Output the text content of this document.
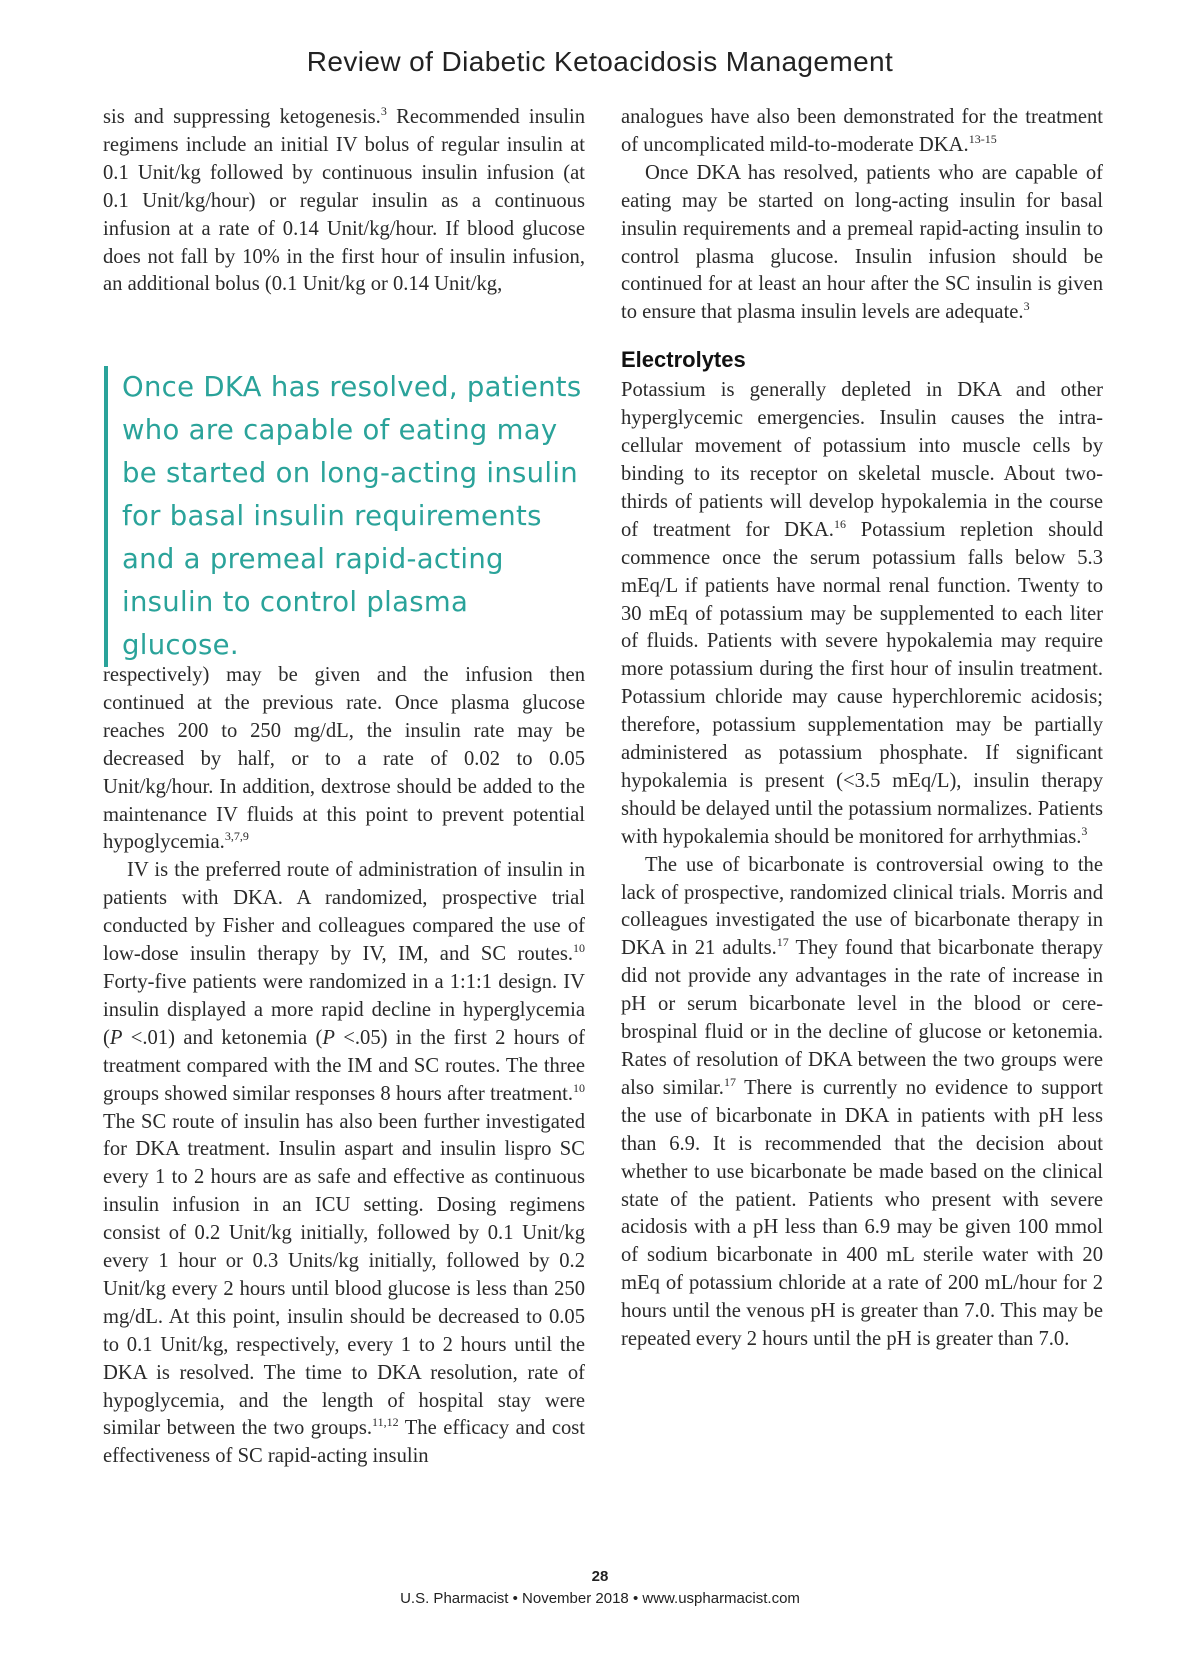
Review of Diabetic Ketoacidosis Management

sis and suppressing ketogenesis.$^3$ Recommended insulin regimens include an initial IV bolus of regular insulin at 0.1 Unit/kg followed by continuous insulin infusion (at 0.1 Unit/kg/hour) or regular insulin as a continuous infusion at a rate of 0.14 Unit/kg/hour. If blood glucose does not fall by 10% in the first hour of insulin infusion, an additional bolus (0.1 Unit/kg or 0.14 Unit/kg,

Once DKA has resolved, patients who are capable of eating may be started on long-acting insulin for basal insulin requirements and a premeal rapid-acting insulin to control plasma glucose.

respectively) may be given and the infusion then continued at the previous rate. Once plasma glucose reaches 200 to 250 mg/dL, the insulin rate may be decreased by half, or to a rate of 0.02 to 0.05 Unit/kg/hour. In addition, dextrose should be added to the maintenance IV fluids at this point to prevent potential hypoglycemia.$^{3,7,9}$

IV is the preferred route of administration of insulin in patients with DKA. A randomized, prospective trial conducted by Fisher and colleagues compared the use of low-dose insulin therapy by IV, IM, and SC routes.$^{10}$ Forty-five patients were randomized in a 1:1:1 design. IV insulin displayed a more rapid decline in hyperglycemia (P <.01) and ketonemia (P <.05) in the first 2 hours of treatment compared with the IM and SC routes. The three groups showed similar responses 8 hours after treatment.$^{10}$ The SC route of insulin has also been further investigated for DKA treatment. Insulin aspart and insulin lispro SC every 1 to 2 hours are as safe and effective as continuous insulin infusion in an ICU setting. Dosing regimens consist of 0.2 Unit/kg initially, followed by 0.1 Unit/kg every 1 hour or 0.3 Units/kg initially, followed by 0.2 Unit/kg every 2 hours until blood glucose is less than 250 mg/dL. At this point, insulin should be decreased to 0.05 to 0.1 Unit/kg, respectively, every 1 to 2 hours until the DKA is resolved. The time to DKA resolution, rate of hypoglycemia, and the length of hospital stay were similar between the two groups.$^{11,12}$ The efficacy and cost effectiveness of SC rapid-acting insulin

analogues have also been demonstrated for the treatment of uncomplicated mild-to-moderate DKA.$^{13-15}$

Once DKA has resolved, patients who are capable of eating may be started on long-acting insulin for basal insulin requirements and a premeal rapid-acting insulin to control plasma glucose. Insulin infusion should be continued for at least an hour after the SC insulin is given to ensure that plasma insulin levels are adequate.$^3$

Electrolytes

Potassium is generally depleted in DKA and other hyperglycemic emergencies. Insulin causes the intracellular movement of potassium into muscle cells by binding to its receptor on skeletal muscle. About two-thirds of patients will develop hypokalemia in the course of treatment for DKA.$^{16}$ Potassium repletion should commence once the serum potassium falls below 5.3 mEq/L if patients have normal renal function. Twenty to 30 mEq of potassium may be supplemented to each liter of fluids. Patients with severe hypokalemia may require more potassium during the first hour of insulin treatment. Potassium chloride may cause hyperchloremic acidosis; therefore, potassium supplementation may be partially administered as potassium phosphate. If significant hypokalemia is present (<3.5 mEq/L), insulin therapy should be delayed until the potassium normalizes. Patients with hypokalemia should be monitored for arrhythmias.$^3$

The use of bicarbonate is controversial owing to the lack of prospective, randomized clinical trials. Morris and colleagues investigated the use of bicarbonate therapy in DKA in 21 adults.$^{17}$ They found that bicarbonate therapy did not provide any advantages in the rate of increase in pH or serum bicarbonate level in the blood or cerebrospinal fluid or in the decline of glucose or ketonemia. Rates of resolution of DKA between the two groups were also similar.$^{17}$ There is currently no evidence to support the use of bicarbonate in DKA in patients with pH less than 6.9. It is recommended that the decision about whether to use bicarbonate be made based on the clinical state of the patient. Patients who present with severe acidosis with a pH less than 6.9 may be given 100 mmol of sodium bicarbonate in 400 mL sterile water with 20 mEq of potassium chloride at a rate of 200 mL/hour for 2 hours until the venous pH is greater than 7.0. This may be repeated every 2 hours until the pH is greater than 7.0.

28
U.S. Pharmacist • November 2018 • www.uspharmacist.com
